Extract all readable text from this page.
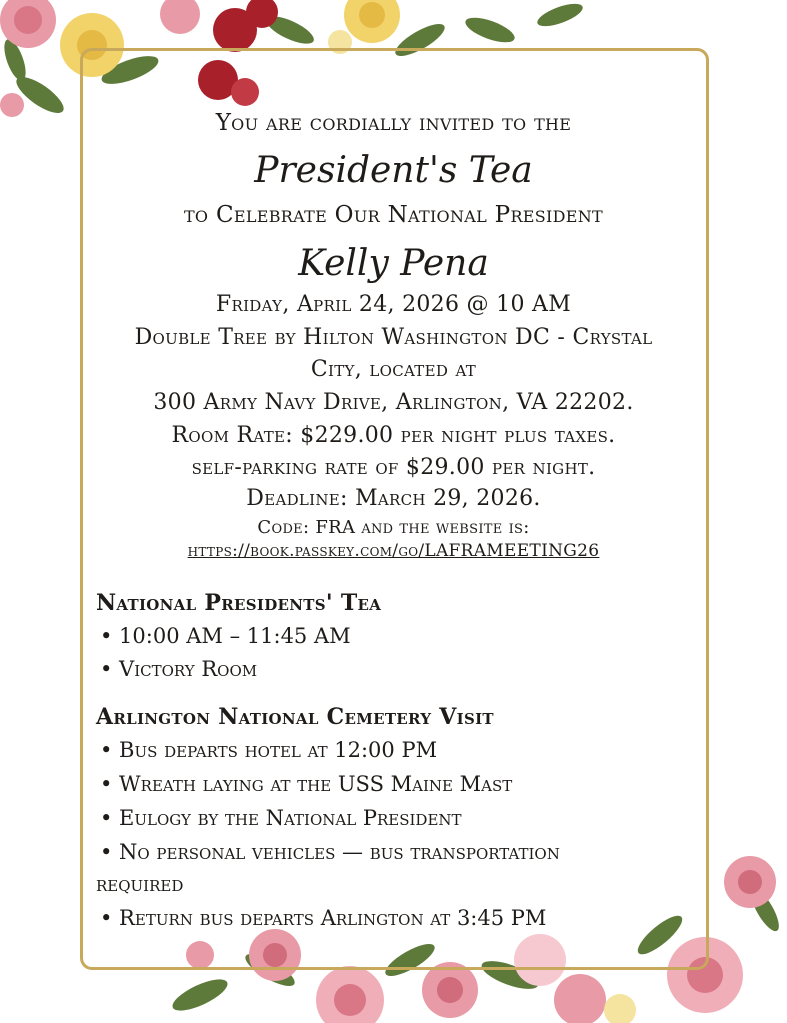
You are cordially invited to the
President's Tea
to Celebrate Our National President
Kelly Pena
Friday, April 24, 2026 @ 10 AM
Double Tree by Hilton Washington DC - Crystal
City, located at
300 Army Navy Drive, Arlington, VA 22202.
Room Rate: $229.00 per night plus taxes.
self-parking rate of $29.00 per night.
Deadline: March 29, 2026.
Code: FRA and the website is:
https://book.passkey.com/go/LAFRAMEETING26
National Presidents' Tea
• 10:00 AM – 11:45 AM
• Victory Room
Arlington National Cemetery Visit
• Bus departs hotel at 12:00 PM
• Wreath laying at the USS Maine Mast
• Eulogy by the National President
• No personal vehicles — bus transportation
required
• Return bus departs Arlington at 3:45 PM
